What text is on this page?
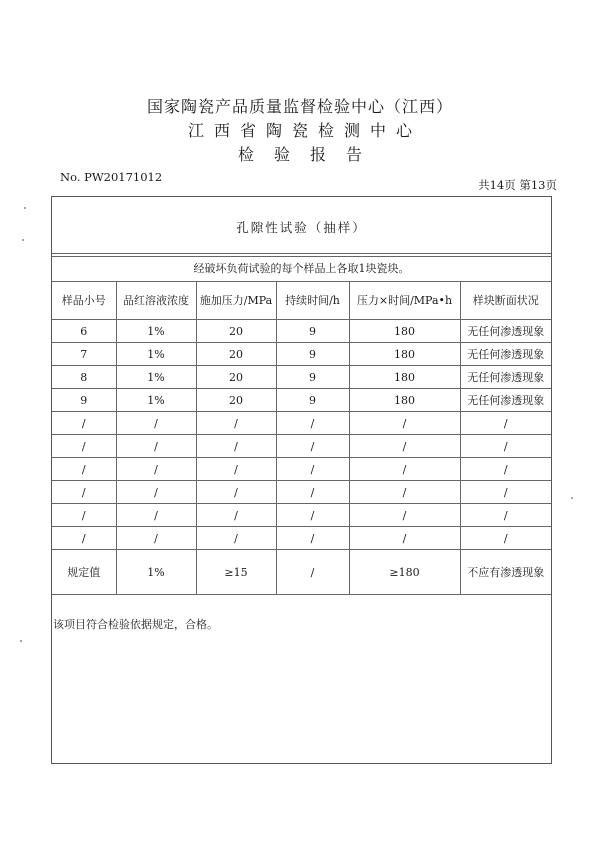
国家陶瓷产品质量监督检验中心（江西）
江西省陶瓷检测中心
检验报告
No. PW20171012
共14页 第13页
孔隙性试验（抽样）
经破坏负荷试验的每个样品上各取1块瓷块。
样品小号	品红溶液浓度	施加压力/MPa	持续时间/h	压力×时间/MPa•h	样块断面状况
6	1%	20	9	180	无任何渗透现象
7	1%	20	9	180	无任何渗透现象
8	1%	20	9	180	无任何渗透现象
9	1%	20	9	180	无任何渗透现象
/	/	/	/	/	/
/	/	/	/	/	/
/	/	/	/	/	/
/	/	/	/	/	/
/	/	/	/	/	/
/	/	/	/	/	/
规定值	1%	≥15	/	≥180	不应有渗透现象
该项目符合检验依据规定，合格。
